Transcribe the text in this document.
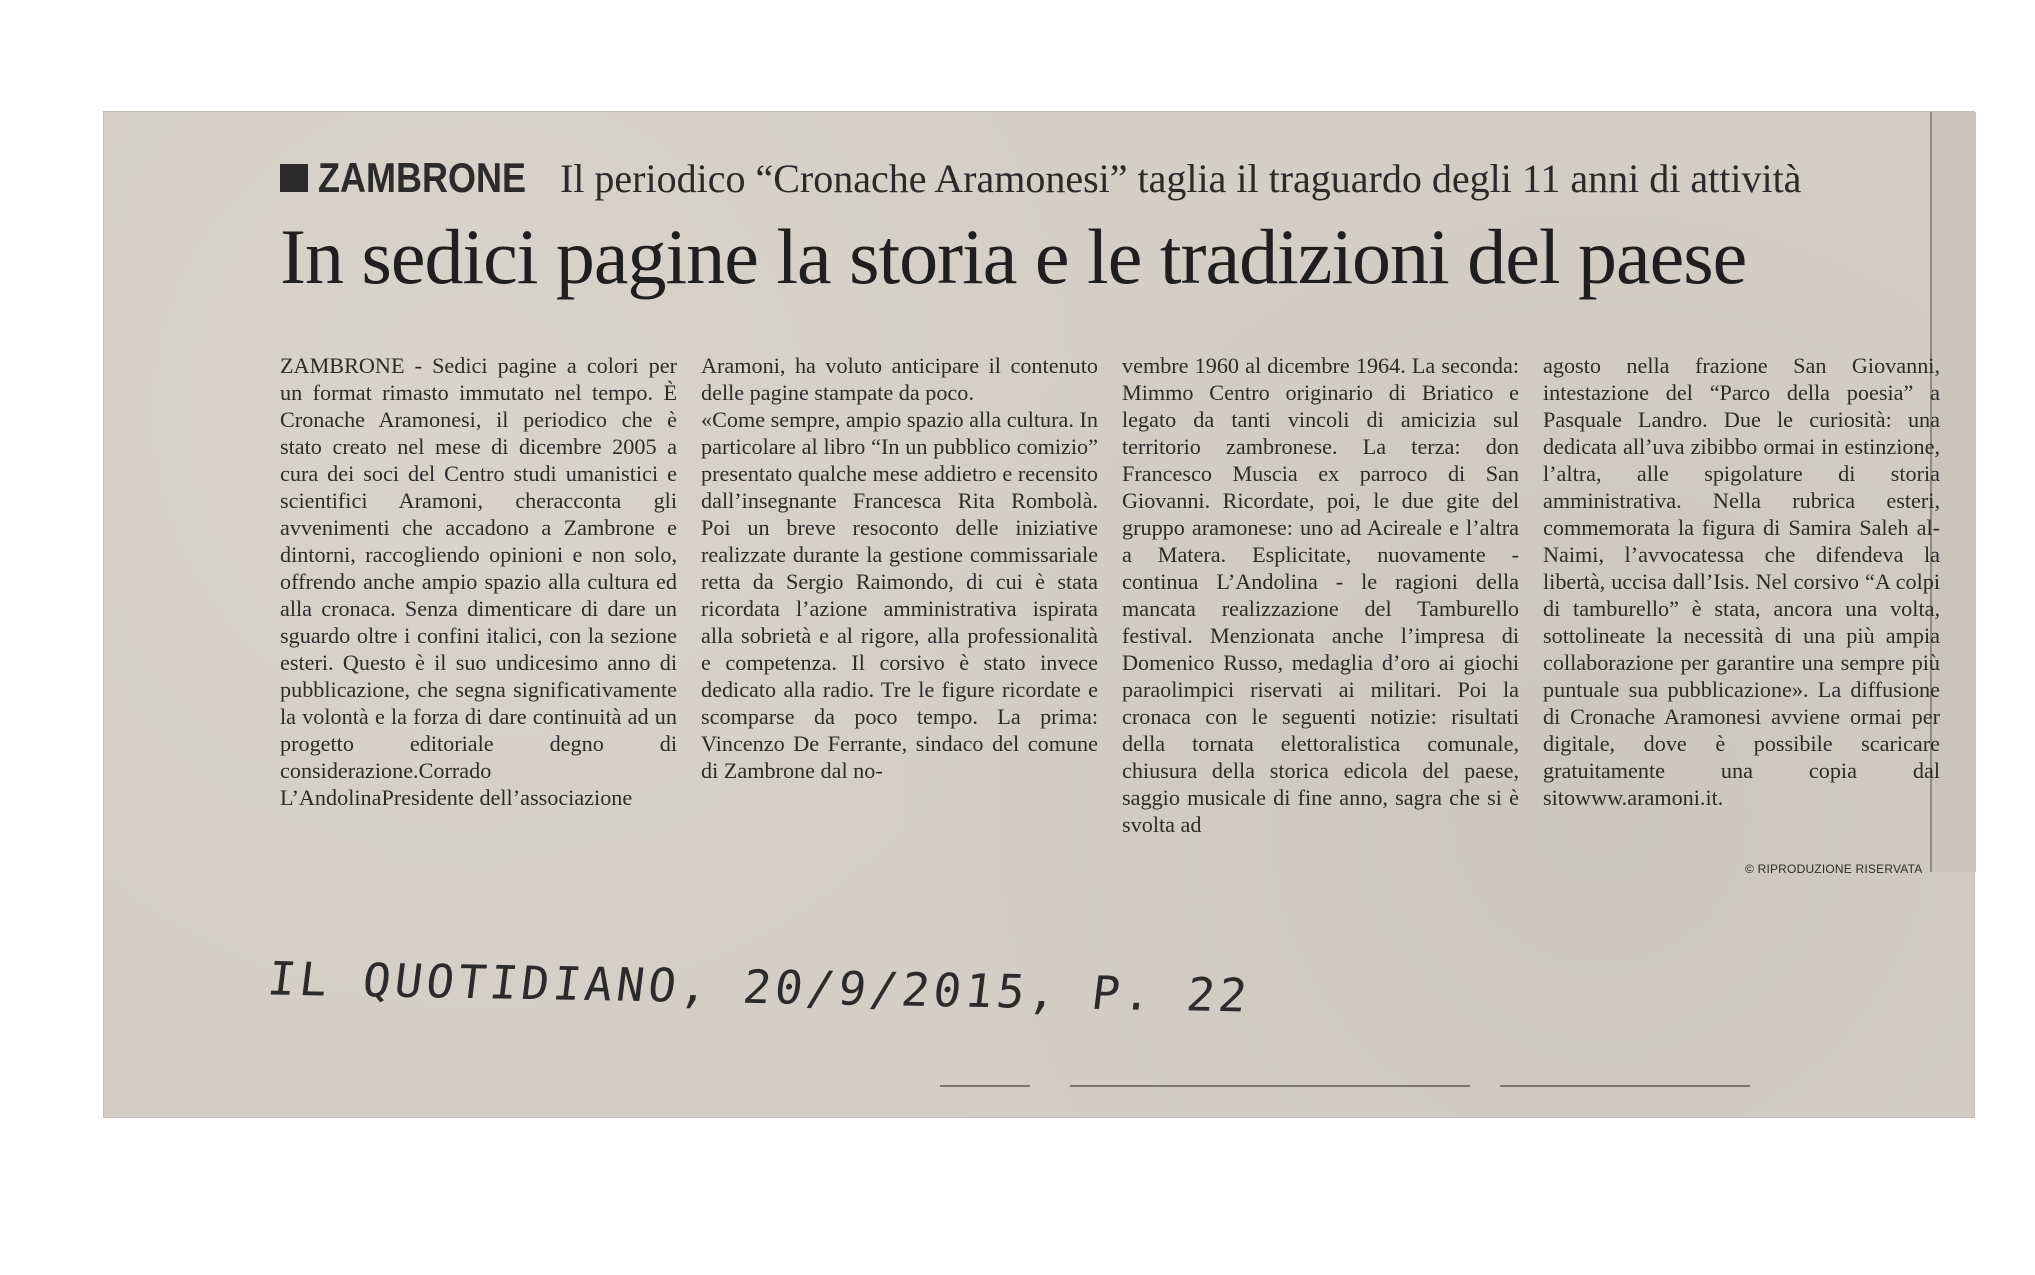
ZAMBRONE Il periodico “Cronache Aramonesi” taglia il traguardo degli 11 anni di attività
In sedici pagine la storia e le tradizioni del paese

ZAMBRONE - Sedici pagine a colori per un format rimasto immutato nel tempo. È Cronache Aramonesi, il periodico che è stato creato nel mese di dicembre 2005 a cura dei soci del Centro studi umanistici e scientifici Aramoni, cheracconta gli avvenimenti che accadono a Zambrone e dintorni, raccogliendo opinioni e non solo, offrendo anche ampio spazio alla cultura ed alla cronaca. Senza dimenticare di dare un sguardo oltre i confini italici, con la sezione esteri. Questo è il suo undicesimo anno di pubblicazione, che segna significativamente la volontà e la forza di dare continuità ad un progetto editoriale degno di considerazione.Corrado L’AndolinaPresidente dell’associazione

Aramoni, ha voluto anticipare il contenuto delle pagine stampate da poco.
«Come sempre, ampio spazio alla cultura. In particolare al libro “In un pubblico comizio” presentato qualche mese addietro e recensito dall’insegnante Francesca Rita Rombolà. Poi un breve resoconto delle iniziative realizzate durante la gestione commissariale retta da Sergio Raimondo, di cui è stata ricordata l’azione amministrativa ispirata alla sobrietà e al rigore, alla professionalità e competenza. Il corsivo è stato invece dedicato alla radio. Tre le figure ricordate e scomparse da poco tempo. La prima: Vincenzo De Ferrante, sindaco del comune di Zambrone dal no-

vembre 1960 al dicembre 1964. La seconda: Mimmo Centro originario di Briatico e legato da tanti vincoli di amicizia sul territorio zambronese. La terza: don Francesco Muscia ex parroco di San Giovanni. Ricordate, poi, le due gite del gruppo aramonese: uno ad Acireale e l’altra a Matera. Esplicitate, nuovamente - continua L’Andolina - le ragioni della mancata realizzazione del Tamburello festival. Menzionata anche l’impresa di Domenico Russo, medaglia d’oro ai giochi paraolimpici riservati ai militari. Poi la cronaca con le seguenti notizie: risultati della tornata elettoralistica comunale, chiusura della storica edicola del paese, saggio musicale di fine anno, sagra che si è svolta ad

agosto nella frazione San Giovanni, intestazione del “Parco della poesia” a Pasquale Landro. Due le curiosità: una dedicata all’uva zibibbo ormai in estinzione, l’altra, alle spigolature di storia amministrativa. Nella rubrica esteri, commemorata la figura di Samira Saleh al-Naimi, l’avvocatessa che difendeva la libertà, uccisa dall’Isis. Nel corsivo “A colpi di tamburello” è stata, ancora una volta, sottolineate la necessità di una più ampia collaborazione per garantire una sempre più puntuale sua pubblicazione». La diffusione di Cronache Aramonesi avviene ormai per digitale, dove è possibile scaricare gratuitamente una copia dal sitowww.aramoni.it.

© RIPRODUZIONE RISERVATA
IL QUOTIDIANO, 20/9/2015, P. 22
